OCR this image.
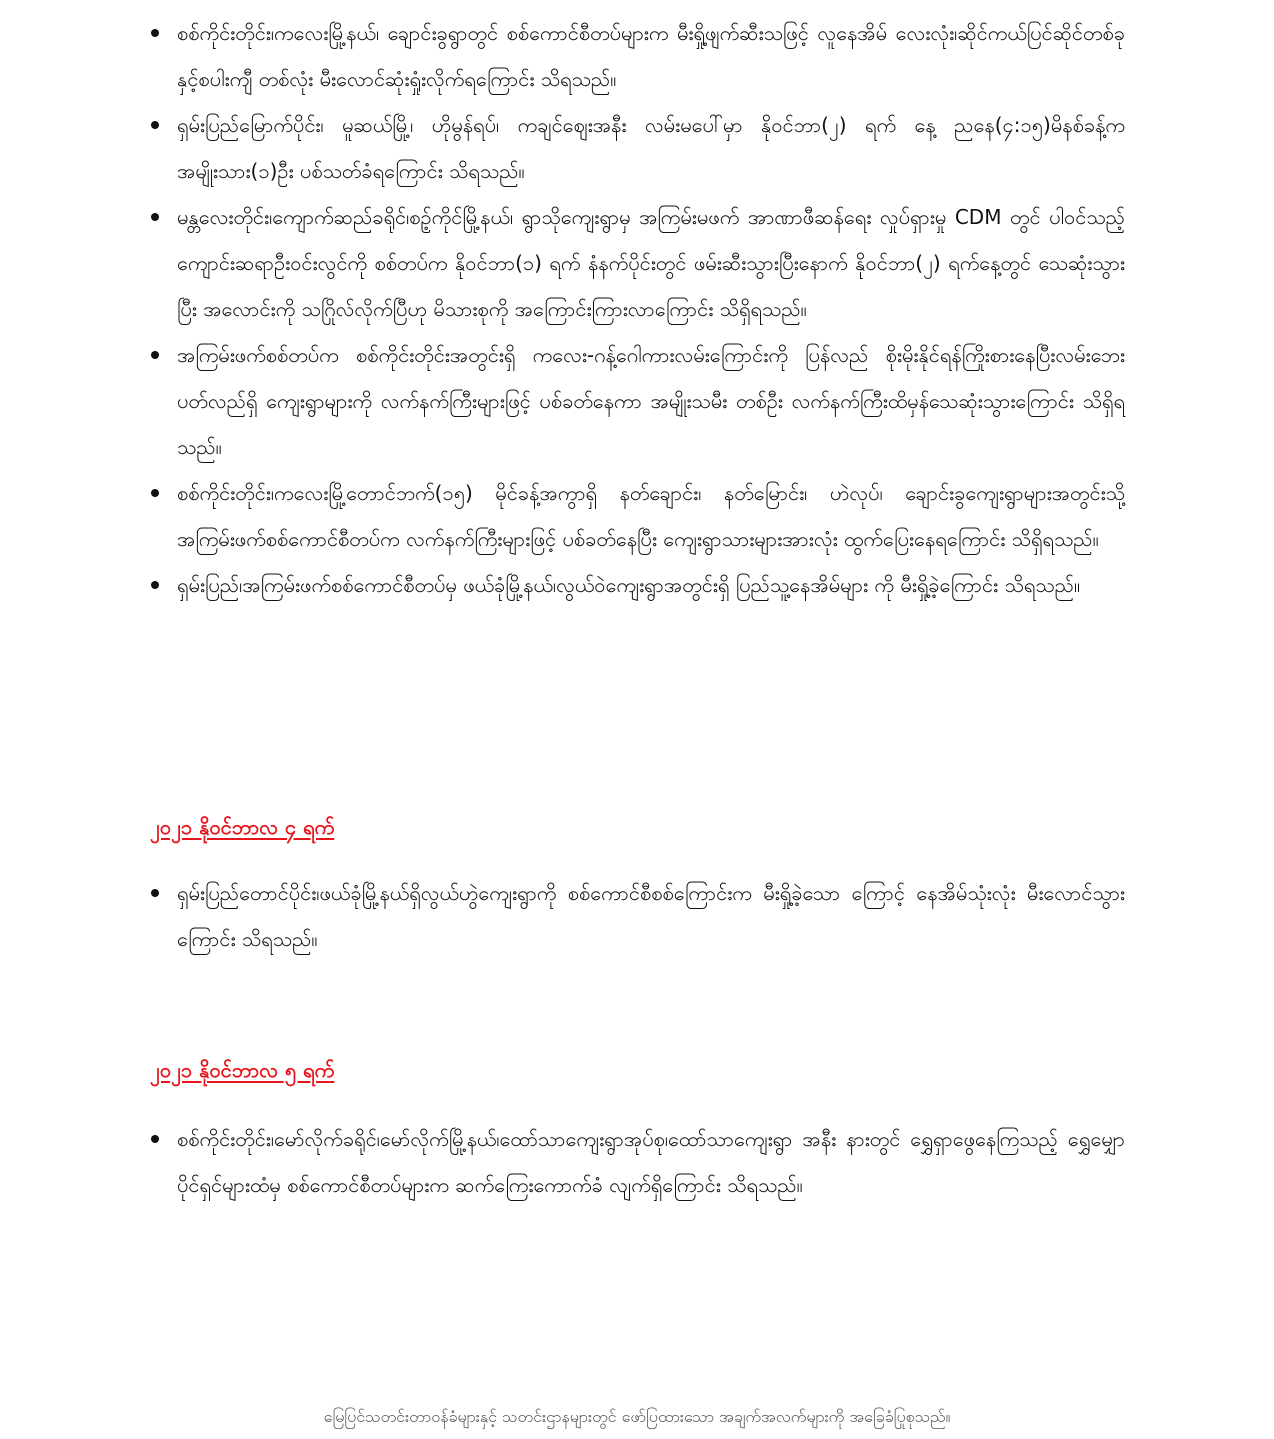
စစ်ကိုင်းတိုင်း၊ကလေးမြို့နယ်၊ ချောင်းခွရွာတွင် စစ်ကောင်စီတပ်များက မီးရှို့ဖျက်ဆီးသဖြင့် လူနေအိမ် လေးလုံး၊ဆိုင်ကယ်ပြင်ဆိုင်တစ်ခုနှင့်စပါးကျီ တစ်လုံး မီးလောင်ဆုံးရှုံးလိုက်ရကြောင်း သိရသည်။
ရှမ်းပြည်မြောက်ပိုင်း၊ မူဆယ်မြို့၊ ဟိုမွန်ရပ်၊ ကချင်ဈေးအနီး လမ်းမပေါ်မှာ နိုဝင်ဘာ(၂) ရက် နေ့ ညနေ(၄:၁၅)မိနစ်ခန့်က အမျိုးသား(၁)ဦး ပစ်သတ်ခံရကြောင်း သိရသည်။
မန္တလေးတိုင်း၊ကျောက်ဆည်ခရိုင်၊စဉ့်ကိုင်မြို့နယ်၊ ရွာသိုကျေးရွာမှ အကြမ်းမဖက် အာဏာဖီဆန်ရေး လှုပ်ရှားမှု CDM တွင် ပါဝင်သည့် ကျောင်းဆရာဦးဝင်းလွင်ကို စစ်တပ်က နိုဝင်ဘာ(၁) ရက် နံနက်ပိုင်းတွင် ဖမ်းဆီးသွားပြီးနောက် နိုဝင်ဘာ(၂) ရက်နေ့တွင် သေဆုံးသွားပြီး အလောင်းကို သဂြိုလ်လိုက်ပြီဟု မိသားစုကို အကြောင်းကြားလာကြောင်း သိရှိရသည်။
အကြမ်းဖက်စစ်တပ်က စစ်ကိုင်းတိုင်းအတွင်းရှိ ကလေး-ဂန့်ဂေါကားလမ်းကြောင်းကို ပြန်လည် စိုးမိုးနိုင်ရန်ကြိုးစားနေပြီးလမ်းဘေးပတ်လည်ရှိ ကျေးရွာများကို လက်နက်ကြီးများဖြင့် ပစ်ခတ်နေကာ အမျိုးသမီး တစ်ဦး လက်နက်ကြီးထိမှန်သေဆုံးသွားကြောင်း သိရှိရသည်။
စစ်ကိုင်းတိုင်း၊ကလေးမြို့တောင်ဘက်(၁၅) မိုင်ခန့်အကွာရှိ နတ်ချောင်း၊ နတ်မြောင်း၊ ဟဲလုပ်၊ ချောင်းခွကျေးရွာများအတွင်းသို့ အကြမ်းဖက်စစ်ကောင်စီတပ်က လက်နက်ကြီးများဖြင့် ပစ်ခတ်နေပြီး ကျေးရွာသားများအားလုံး ထွက်ပြေးနေရကြောင်း သိရှိရသည်။
ရှမ်းပြည်၊အကြမ်းဖက်စစ်ကောင်စီတပ်မှ ဖယ်ခုံမြို့နယ်၊လွယ်ဝဲကျေးရွာအတွင်းရှိ ပြည်သူ့နေအိမ်များ ကို မီးရှို့ခဲ့ကြောင်း သိရသည်။
၂၀၂၁ နိုဝင်ဘာလ ၄ ရက်
ရှမ်းပြည်တောင်ပိုင်း၊ဖယ်ခုံမြို့နယ်ရှိလွယ်ဟွဲကျေးရွာကို စစ်ကောင်စီစစ်ကြောင်းက မီးရှို့ခဲ့သော ကြောင့် နေအိမ်သုံးလုံး မီးလောင်သွားကြောင်း သိရသည်။
၂၀၂၁ နိုဝင်ဘာလ ၅ ရက်
စစ်ကိုင်းတိုင်း၊မော်လိုက်ခရိုင်၊မော်လိုက်မြို့နယ်၊ထော်သာကျေးရွာအုပ်စု၊ထော်သာကျေးရွာ အနီး နားတွင် ရွှေရှာဖွေနေကြသည့် ရွှေမျှောပိုင်ရှင်များထံမှ စစ်ကောင်စီတပ်များက ဆက်ကြေးကောက်ခံ လျက်ရှိကြောင်း သိရသည်။
မြေပြင်သတင်းတာဝန်ခံများနှင့် သတင်းဌာနများတွင် ဖော်ပြထားသော အချက်အလက်များကို အခြေခံပြုစုသည်။
